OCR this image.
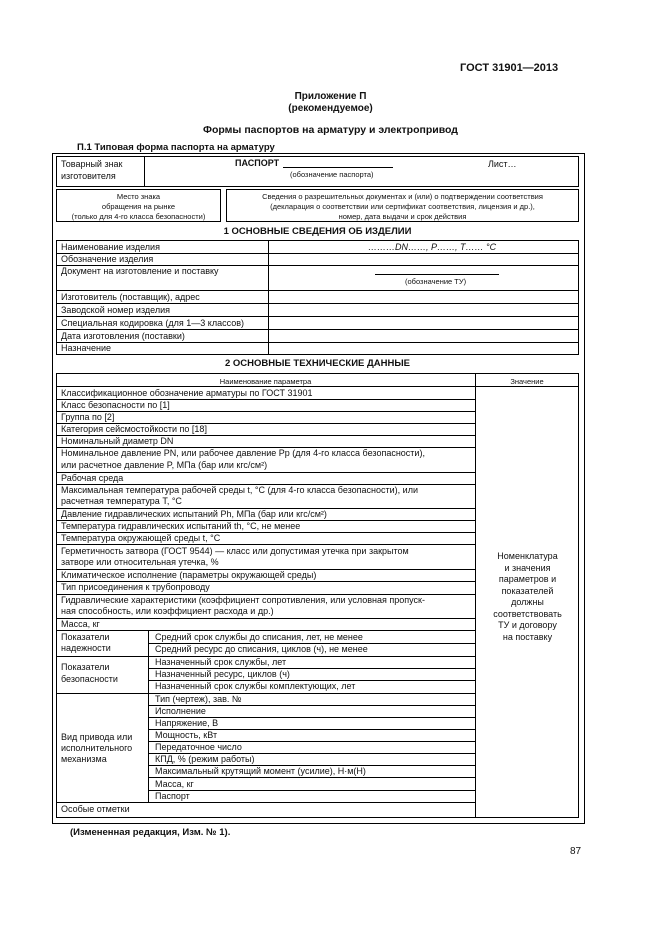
ГОСТ 31901—2013
Приложение П
(рекомендуемое)
Формы паспортов на арматуру и электропривод
П.1 Типовая форма паспорта на арматуру
Товарный знак
изготовителя
ПАСПОРТ
(обозначение паспорта)
Лист…
Место знака
обращения на рынке
(только для 4-го класса безопасности)
Сведения о разрешительных документах и (или) о подтверждении соответствия
(декларация о соответствии или сертификат соответствия, лицензия и др.),
номер, дата выдачи и срок действия
1 ОСНОВНЫЕ СВЕДЕНИЯ ОБ ИЗДЕЛИИ
Наименование изделия
Обозначение изделия
Документ на изготовление и поставку
Изготовитель (поставщик), адрес
Заводской номер изделия
Специальная кодировка (для 1—3 классов)
Дата изготовления (поставки)
Назначение
………DN……, P……, T…… °C
(обозначение ТУ)
2 ОСНОВНЫЕ ТЕХНИЧЕСКИЕ ДАННЫЕ
Наименование параметра	Значение
Классификационное обозначение арматуры по ГОСТ 31901
Класс безопасности по [1]
Группа по [2]
Категория сейсмостойкости по [18]
Номинальный диаметр DN
Номинальное давление PN, или рабочее давление Pр (для 4-го класса безопасности),
или расчетное давление P, МПа (бар или кгс/см²)
Рабочая среда
Максимальная температура рабочей среды t, °С (для 4-го класса безопасности), или
расчетная температура T, °С
Давление гидравлических испытаний Ph, МПа (бар или кгс/см²)
Температура гидравлических испытаний th, °С, не менее
Температура окружающей среды t, °С
Герметичность затвора (ГОСТ 9544) — класс или допустимая утечка при закрытом
затворе или относительная утечка, %
Климатическое исполнение (параметры окружающей среды)
Тип присоединения к трубопроводу
Гидравлические характеристики (коэффициент сопротивления, или условная пропуск-
ная способность, или коэффициент расхода и др.)
Масса, кг
Показатели
надежности
Средний срок службы до списания, лет, не менее
Средний ресурс до списания, циклов (ч), не менее
Показатели
безопасности
Назначенный срок службы, лет
Назначенный ресурс, циклов (ч)
Назначенный срок службы комплектующих, лет
Вид привода или
исполнительного
механизма
Тип (чертеж), зав. №
Исполнение
Напряжение, В
Мощность, кВт
Передаточное число
КПД, % (режим работы)
Максимальный крутящий момент (усилие), Н·м(Н)
Масса, кг
Паспорт
Особые отметки
Номенклатура
и значения
параметров и
показателей
должны
соответствовать
ТУ и договору
на поставку
(Измененная редакция, Изм. № 1).
87
